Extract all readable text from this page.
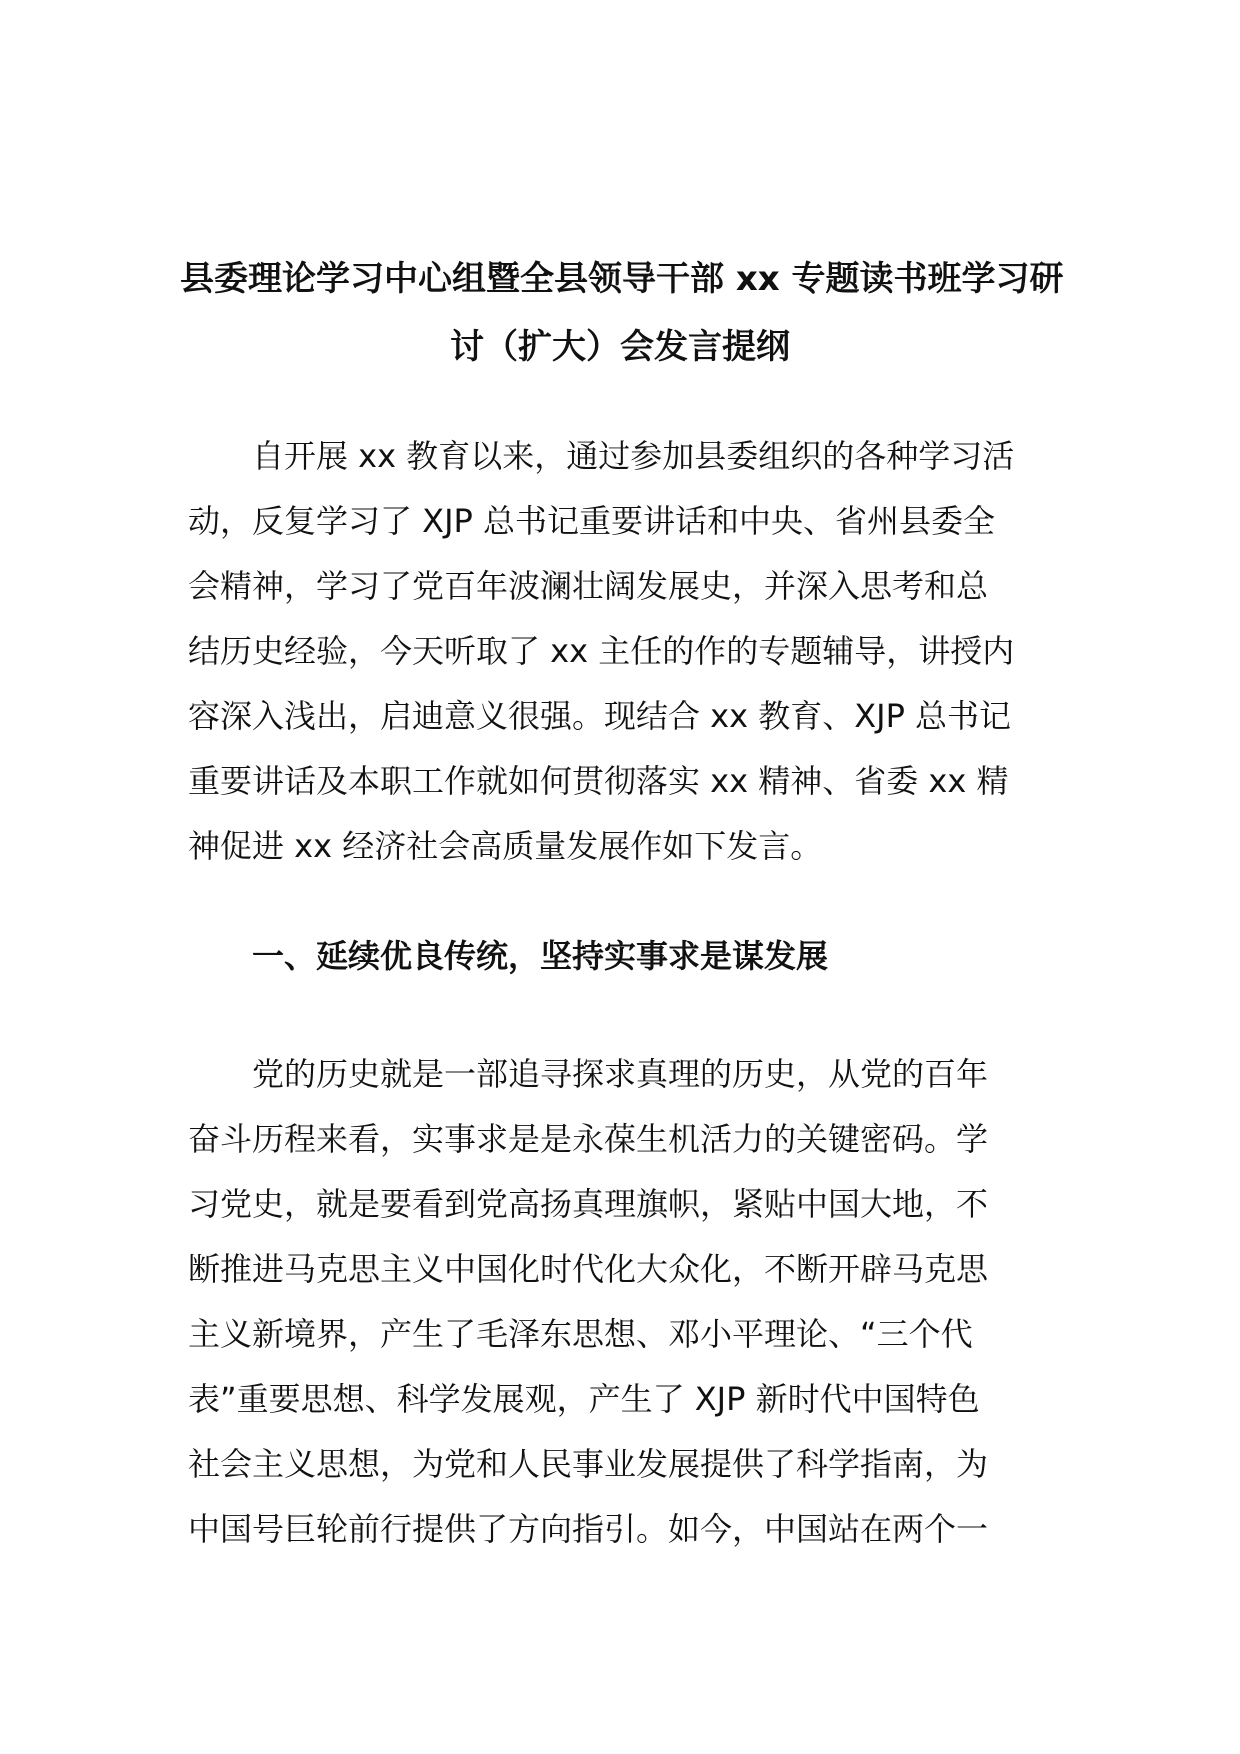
县委理论学习中心组暨全县领导干部 xx 专题读书班学习研
讨（扩大）会发言提纲

自开展 xx 教育以来，通过参加县委组织的各种学习活
动，反复学习了 XJP 总书记重要讲话和中央、省州县委全
会精神，学习了党百年波澜壮阔发展史，并深入思考和总
结历史经验，今天听取了 xx 主任的作的专题辅导，讲授内
容深入浅出，启迪意义很强。现结合 xx 教育、XJP 总书记
重要讲话及本职工作就如何贯彻落实 xx 精神、省委 xx 精
神促进 xx 经济社会高质量发展作如下发言。

一、延续优良传统，坚持实事求是谋发展

党的历史就是一部追寻探求真理的历史，从党的百年
奋斗历程来看，实事求是是永葆生机活力的关键密码。学
习党史，就是要看到党高扬真理旗帜，紧贴中国大地，不
断推进马克思主义中国化时代化大众化，不断开辟马克思
主义新境界，产生了毛泽东思想、邓小平理论、“三个代
表”重要思想、科学发展观，产生了 XJP 新时代中国特色
社会主义思想，为党和人民事业发展提供了科学指南，为
中国号巨轮前行提供了方向指引。如今，中国站在两个一
